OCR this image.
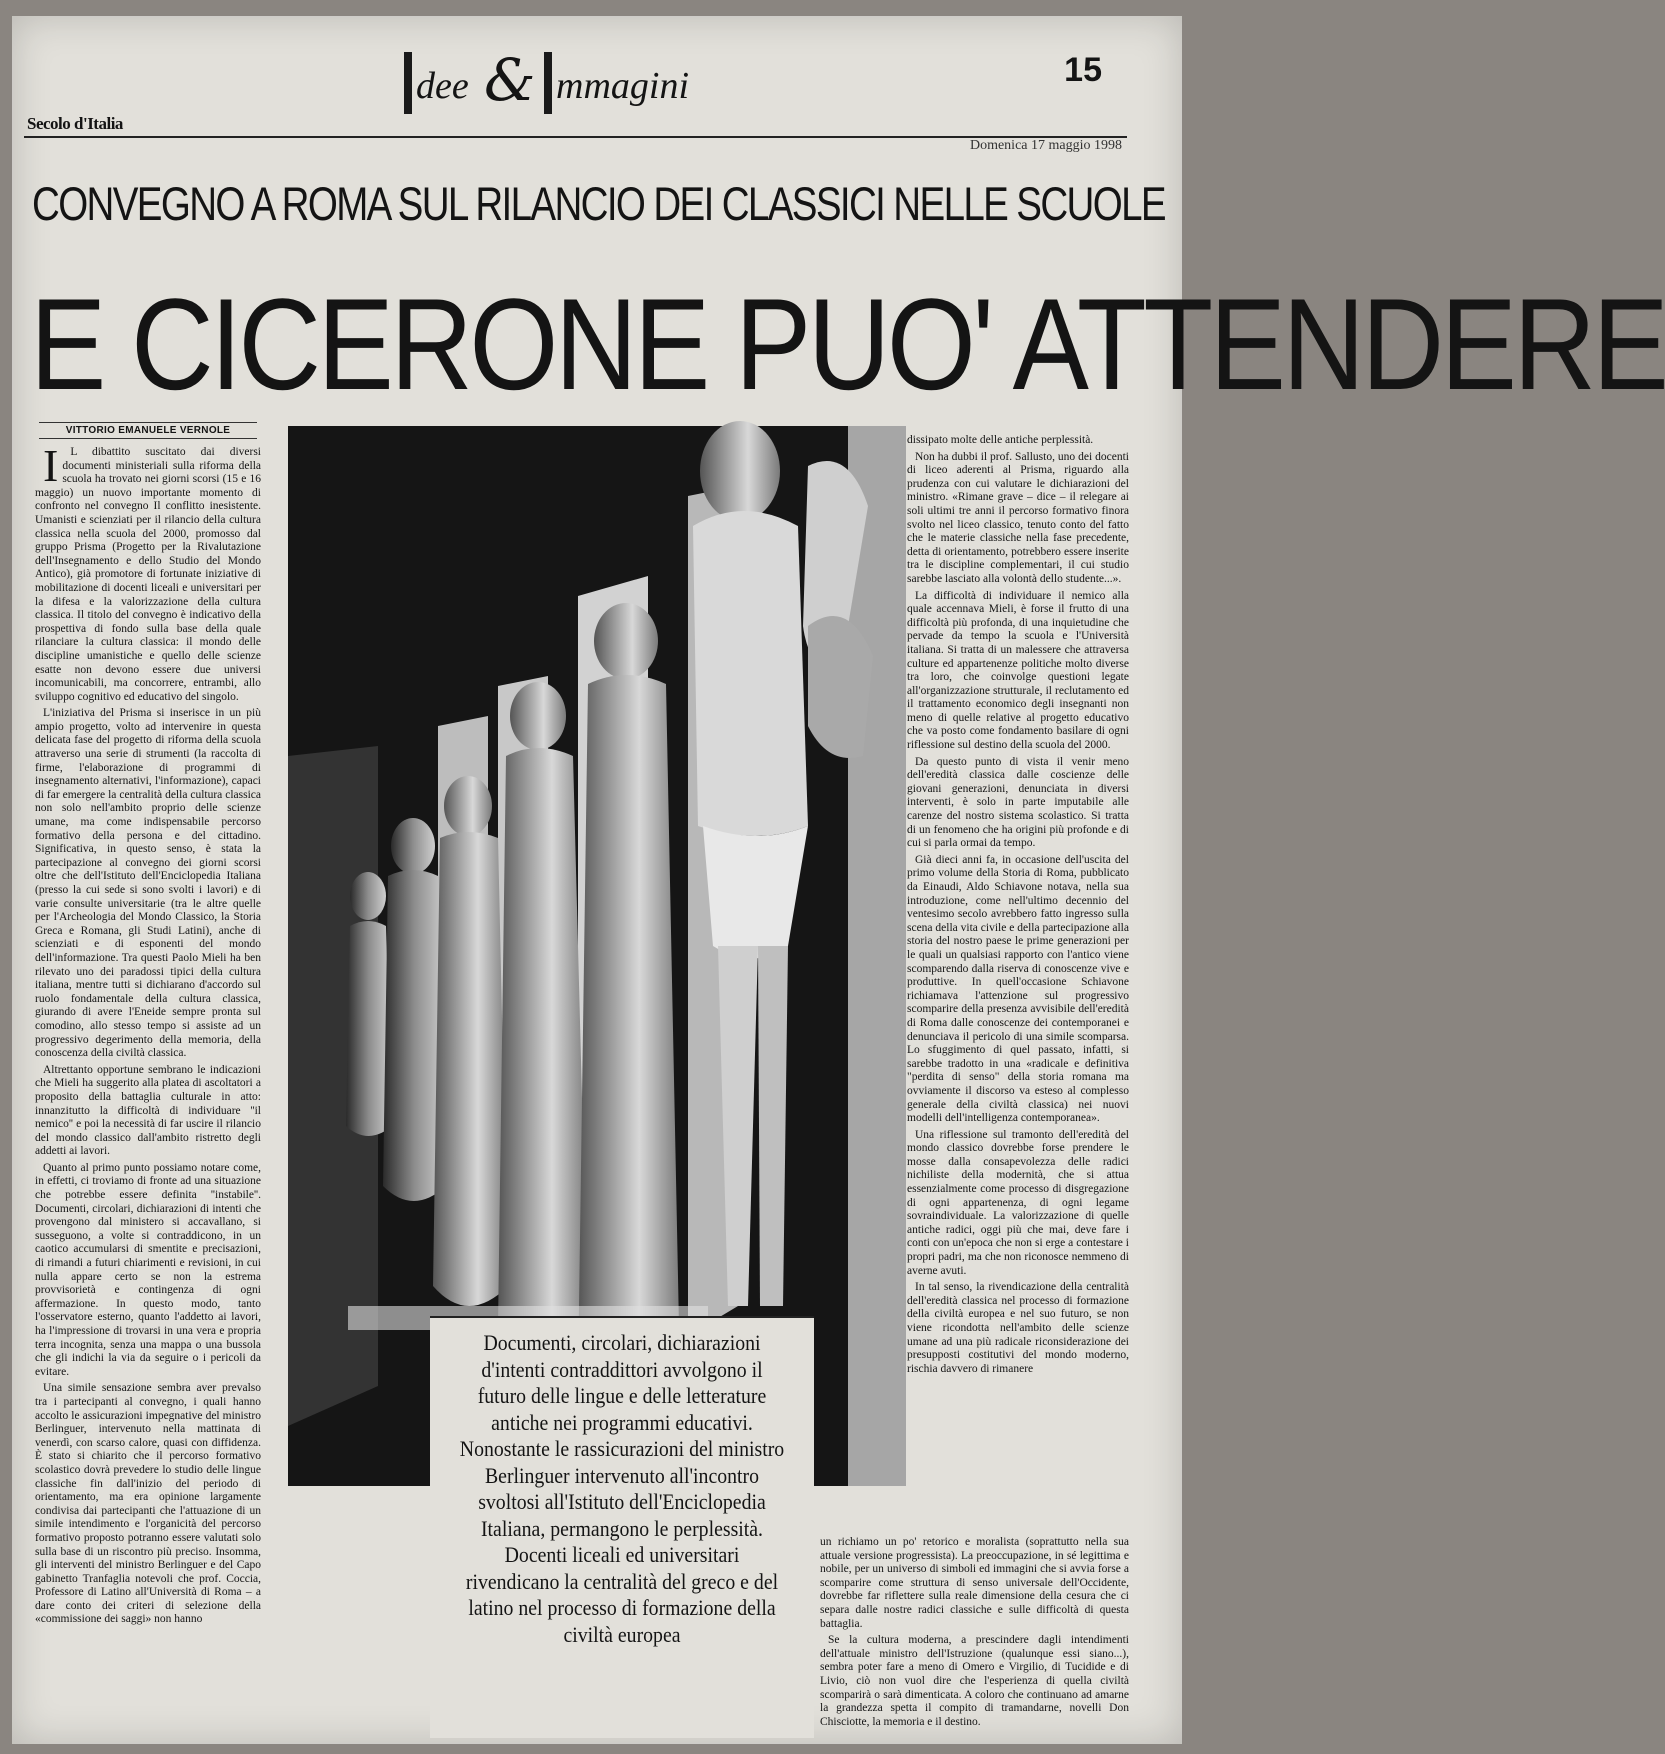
dee & mmagini	15
Secolo d'Italia
Domenica 17 maggio 1998
CONVEGNO A ROMA SUL RILANCIO DEI CLASSICI NELLE SCUOLE
E CICERONE PUO' ATTENDERE
VITTORIO EMANUELE VERNOLE

IL dibattito suscitato dai diversi documenti ministeriali sulla riforma della scuola ha trovato nei giorni scorsi (15 e 16 maggio) un nuovo importante momento di confronto nel convegno Il conflitto inesistente. Umanisti e scienziati per il rilancio della cultura classica nella scuola del 2000, promosso dal gruppo Prisma (Progetto per la Rivalutazione dell'Insegnamento e dello Studio del Mondo Antico), già promotore di fortunate iniziative di mobilitazione di docenti liceali e universitari per la difesa e la valorizzazione della cultura classica. Il titolo del convegno è indicativo della prospettiva di fondo sulla base della quale rilanciare la cultura classica: il mondo delle discipline umanistiche e quello delle scienze esatte non devono essere due universi incomunicabili, ma concorrere, entrambi, allo sviluppo cognitivo ed educativo del singolo.

L'iniziativa del Prisma si inserisce in un più ampio progetto, volto ad intervenire in questa delicata fase del progetto di riforma della scuola attraverso una serie di strumenti (la raccolta di firme, l'elaborazione di programmi di insegnamento alternativi, l'informazione), capaci di far emergere la centralità della cultura classica non solo nell'ambito proprio delle scienze umane, ma come indispensabile percorso formativo della persona e del cittadino. Significativa, in questo senso, è stata la partecipazione al convegno dei giorni scorsi oltre che dell'Istituto dell'Enciclopedia Italiana (presso la cui sede si sono svolti i lavori) e di varie consulte universitarie (tra le altre quelle per l'Archeologia del Mondo Classico, la Storia Greca e Romana, gli Studi Latini), anche di scienziati e di esponenti del mondo dell'informazione. Tra questi Paolo Mieli ha ben rilevato uno dei paradossi tipici della cultura italiana, mentre tutti si dichiarano d'accordo sul ruolo fondamentale della cultura classica, giurando di avere l'Eneide sempre pronta sul comodino, allo stesso tempo si assiste ad un progressivo degerimento della memoria, della conoscenza della civiltà classica.

Altrettanto opportune sembrano le indicazioni che Mieli ha suggerito alla platea di ascoltatori a proposito della battaglia culturale in atto: innanzitutto la difficoltà di individuare ''il nemico'' e poi la necessità di far uscire il rilancio del mondo classico dall'ambito ristretto degli addetti ai lavori.

Quanto al primo punto possiamo notare come, in effetti, ci troviamo di fronte ad una situazione che potrebbe essere definita ''instabile''. Documenti, circolari, dichiarazioni di intenti che provengono dal ministero si accavallano, si susseguono, a volte si contraddicono, in un caotico accumularsi di smentite e precisazioni, di rimandi a futuri chiarimenti e revisioni, in cui nulla appare certo se non la estrema provvisorietà e contingenza di ogni affermazione. In questo modo, tanto l'osservatore esterno, quanto l'addetto ai lavori, ha l'impressione di trovarsi in una vera e propria terra incognita, senza una mappa o una bussola che gli indichi la via da seguire o i pericoli da evitare.

Una simile sensazione sembra aver prevalso tra i partecipanti al convegno, i quali hanno accolto le assicurazioni impegnative del ministro Berlinguer, intervenuto nella mattinata di venerdì, con scarso calore, quasi con diffidenza. È stato si chiarito che il percorso formativo scolastico dovrà prevedere lo studio delle lingue classiche fin dall'inizio del periodo di orientamento, ma era opinione largamente condivisa dai partecipanti che l'attuazione di un simile intendimento e l'organicità del percorso formativo proposto potranno essere valutati solo sulla base di un riscontro più preciso. Insomma, gli interventi del ministro Berlinguer e del Capo gabinetto Tranfaglia notevoli che prof. Coccia, Professore di Latino all'Università di Roma – a dare conto dei criteri di selezione della «commissione dei saggi» non hanno

Documenti, circolari, dichiarazioni d'intenti contraddittori avvolgono il futuro delle lingue e delle letterature antiche nei programmi educativi. Nonostante le rassicurazioni del ministro Berlinguer intervenuto all'incontro svoltosi all'Istituto dell'Enciclopedia Italiana, permangono le perplessità. Docenti liceali ed universitari rivendicano la centralità del greco e del latino nel processo di formazione della civiltà europea

dissipato molte delle antiche perplessità.

Non ha dubbi il prof. Sallusto, uno dei docenti di liceo aderenti al Prisma, riguardo alla prudenza con cui valutare le dichiarazioni del ministro. «Rimane grave – dice – il relegare ai soli ultimi tre anni il percorso formativo finora svolto nel liceo classico, tenuto conto del fatto che le materie classiche nella fase precedente, detta di orientamento, potrebbero essere inserite tra le discipline complementari, il cui studio sarebbe lasciato alla volontà dello studente...».

La difficoltà di individuare il nemico alla quale accennava Mieli, è forse il frutto di una difficoltà più profonda, di una inquietudine che pervade da tempo la scuola e l'Università italiana. Si tratta di un malessere che attraversa culture ed appartenenze politiche molto diverse tra loro, che coinvolge questioni legate all'organizzazione strutturale, il reclutamento ed il trattamento economico degli insegnanti non meno di quelle relative al progetto educativo che va posto come fondamento basilare di ogni riflessione sul destino della scuola del 2000.

Da questo punto di vista il venir meno dell'eredità classica dalle coscienze delle giovani generazioni, denunciata in diversi interventi, è solo in parte imputabile alle carenze del nostro sistema scolastico. Si tratta di un fenomeno che ha origini più profonde e di cui si parla ormai da tempo.

Già dieci anni fa, in occasione dell'uscita del primo volume della Storia di Roma, pubblicato da Einaudi, Aldo Schiavone notava, nella sua introduzione, come nell'ultimo decennio del ventesimo secolo avrebbero fatto ingresso sulla scena della vita civile e della partecipazione alla storia del nostro paese le prime generazioni per le quali un qualsiasi rapporto con l'antico viene scomparendo dalla riserva di conoscenze vive e produttive. In quell'occasione Schiavone richiamava l'attenzione sul progressivo scomparire della presenza avvisibile dell'eredità di Roma dalle conoscenze dei contemporanei e denunciava il pericolo di una simile scomparsa. Lo sfuggimento di quel passato, infatti, si sarebbe tradotto in una «radicale e definitiva "perdita di senso" della storia romana ma ovviamente il discorso va esteso al complesso generale della civiltà classica) nei nuovi modelli dell'intelligenza contemporanea».

Una riflessione sul tramonto dell'eredità del mondo classico dovrebbe forse prendere le mosse dalla consapevolezza delle radici nichiliste della modernità, che si attua essenzialmente come processo di disgregazione di ogni appartenenza, di ogni legame sovraindividuale. La valorizzazione di quelle antiche radici, oggi più che mai, deve fare i conti con un'epoca che non si erge a contestare i propri padri, ma che non riconosce nemmeno di averne avuti.

In tal senso, la rivendicazione della centralità dell'eredità classica nel processo di formazione della civiltà europea e nel suo futuro, se non viene ricondotta nell'ambito delle scienze umane ad una più radicale riconsiderazione dei presupposti costitutivi del mondo moderno, rischia davvero di rimanere

un richiamo un po' retorico e moralista (soprattutto nella sua attuale versione progressista). La preoccupazione, in sé legittima e nobile, per un universo di simboli ed immagini che si avvia forse a scomparire come struttura di senso universale dell'Occidente, dovrebbe far riflettere sulla reale dimensione della cesura che ci separa dalle nostre radici classiche e sulle difficoltà di questa battaglia.

Se la cultura moderna, a prescindere dagli intendimenti dell'attuale ministro dell'Istruzione (qualunque essi siano...), sembra poter fare a meno di Omero e Virgilio, di Tucidide e di Livio, ciò non vuol dire che l'esperienza di quella civiltà scomparirà o sarà dimenticata. A coloro che continuano ad amarne la grandezza spetta il compito di tramandarne, novelli Don Chisciotte, la memoria e il destino.
